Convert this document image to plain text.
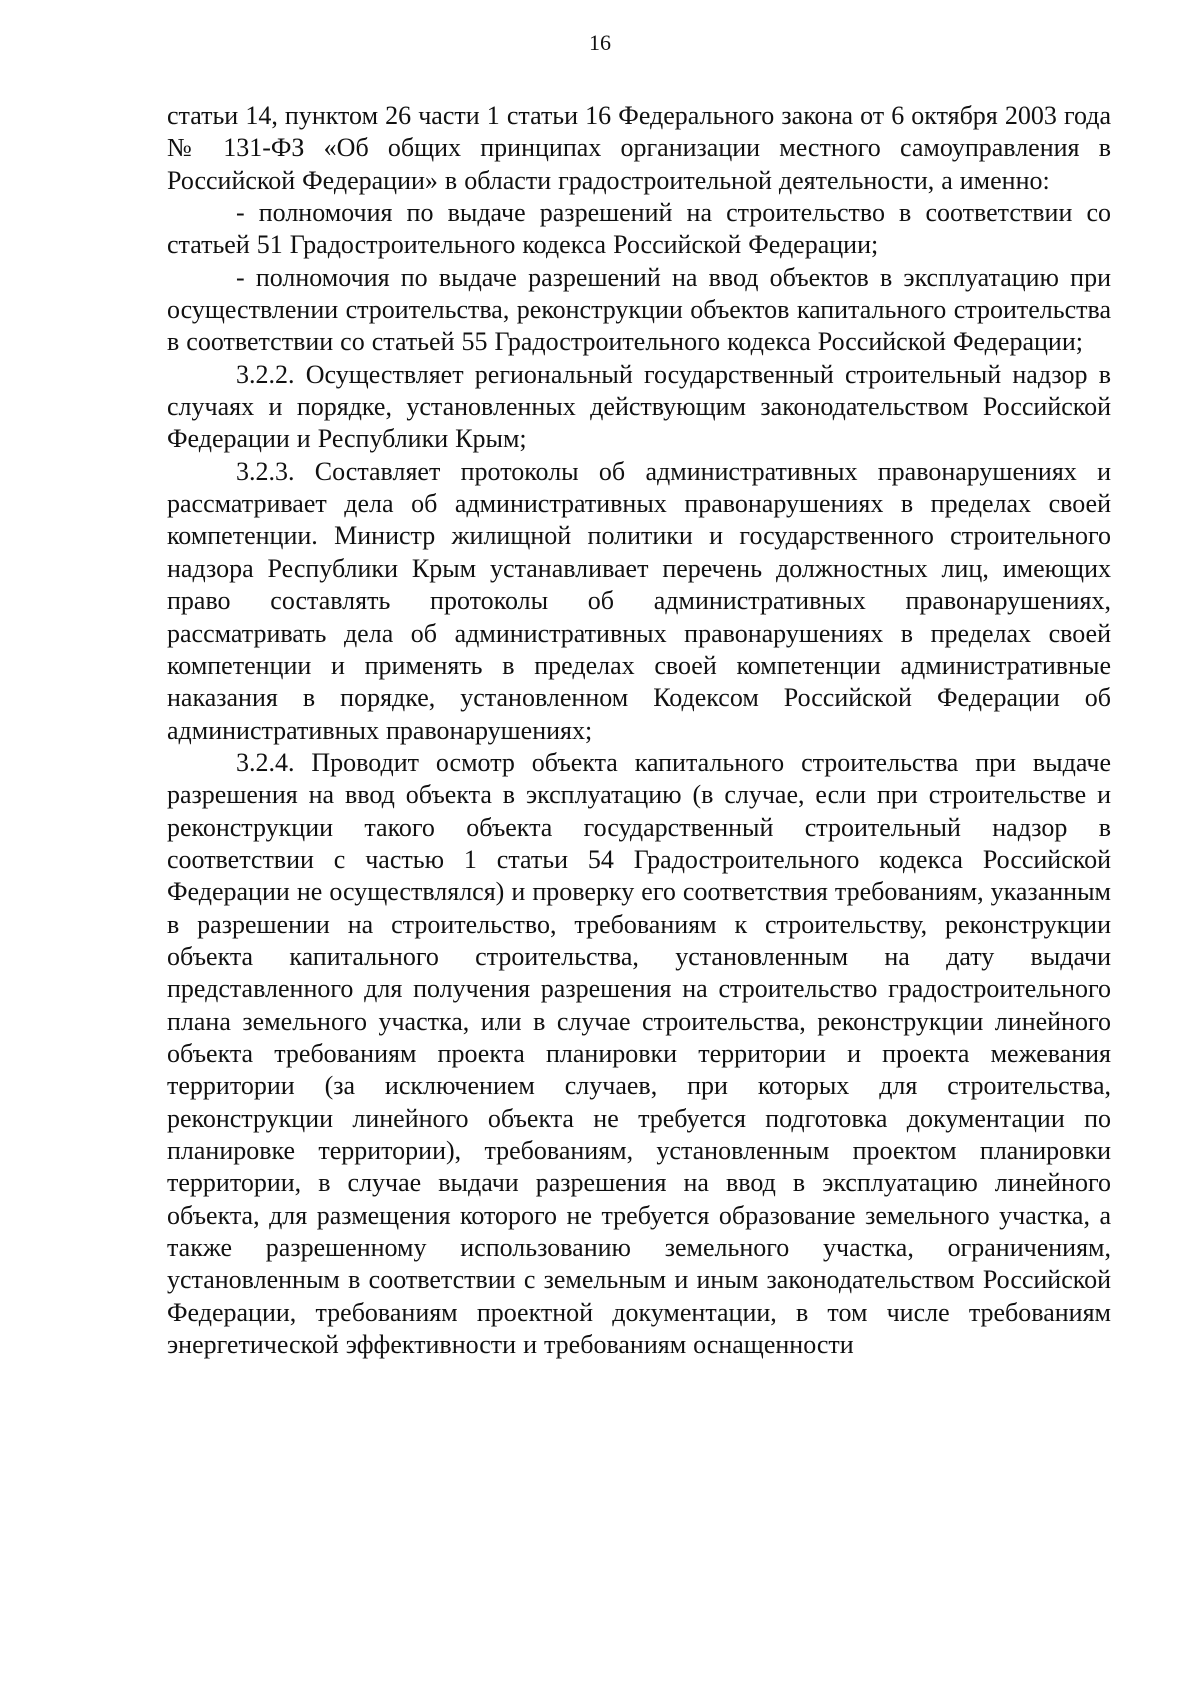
16

статьи 14, пунктом 26 части 1 статьи 16 Федерального закона от 6 октября 2003 года № 131-ФЗ «Об общих принципах организации местного самоуправления в Российской Федерации» в области градостроительной деятельности, а именно:

- полномочия по выдаче разрешений на строительство в соответствии со статьей 51 Градостроительного кодекса Российской Федерации;

- полномочия по выдаче разрешений на ввод объектов в эксплуатацию при осуществлении строительства, реконструкции объектов капитального строительства в соответствии со статьей 55 Градостроительного кодекса Российской Федерации;

3.2.2. Осуществляет региональный государственный строительный надзор в случаях и порядке, установленных действующим законодательством Российской Федерации и Республики Крым;

3.2.3. Составляет протоколы об административных правонарушениях и рассматривает дела об административных правонарушениях в пределах своей компетенции. Министр жилищной политики и государственного строительного надзора Республики Крым устанавливает перечень должностных лиц, имеющих право составлять протоколы об административных правонарушениях, рассматривать дела об административных правонарушениях в пределах своей компетенции и применять в пределах своей компетенции административные наказания в порядке, установленном Кодексом Российской Федерации об административных правонарушениях;

3.2.4. Проводит осмотр объекта капитального строительства при выдаче разрешения на ввод объекта в эксплуатацию (в случае, если при строительстве и реконструкции такого объекта государственный строительный надзор в соответствии с частью 1 статьи 54 Градостроительного кодекса Российской Федерации не осуществлялся) и проверку его соответствия требованиям, указанным в разрешении на строительство, требованиям к строительству, реконструкции объекта капитального строительства, установленным на дату выдачи представленного для получения разрешения на строительство градостроительного плана земельного участка, или в случае строительства, реконструкции линейного объекта требованиям проекта планировки территории и проекта межевания территории (за исключением случаев, при которых для строительства, реконструкции линейного объекта не требуется подготовка документации по планировке территории), требованиям, установленным проектом планировки территории, в случае выдачи разрешения на ввод в эксплуатацию линейного объекта, для размещения которого не требуется образование земельного участка, а также разрешенному использованию земельного участка, ограничениям, установленным в соответствии с земельным и иным законодательством Российской Федерации, требованиям проектной документации, в том числе требованиям энергетической эффективности и требованиям оснащенности
